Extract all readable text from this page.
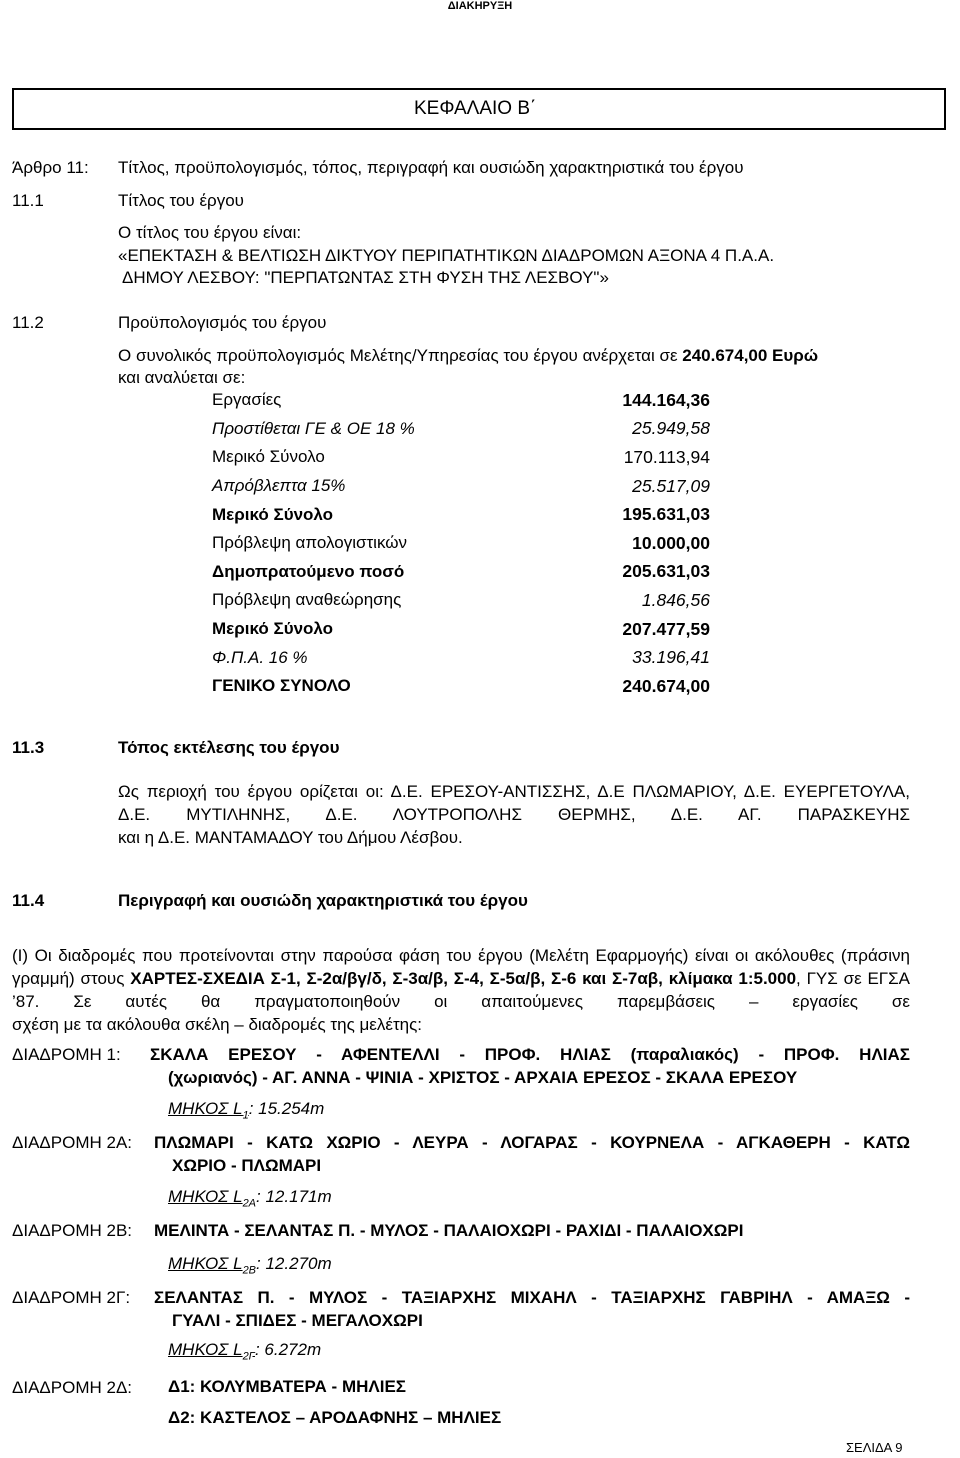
ΔΙΑΚΗΡΥΞΗ
ΚΕΦΑΛΑΙΟ Β΄
Άρθρο 11: Τίτλος, προϋπολογισμός, τόπος, περιγραφή και ουσιώδη χαρακτηριστικά του έργου
11.1	Τίτλος του έργου
Ο τίτλος του έργου είναι:
«ΕΠΕΚΤΑΣΗ & ΒΕΛΤΙΩΣΗ ΔΙΚΤΥΟΥ ΠΕΡΙΠΑΤΗΤΙΚΩΝ ΔΙΑΔΡΟΜΩΝ ΑΞΟΝΑ 4 Π.Α.Α.
ΔΗΜΟΥ ΛΕΣΒΟΥ: "ΠΕΡΠΑΤΩΝΤΑΣ ΣΤΗ ΦΥΣΗ ΤΗΣ ΛΕΣΒΟΥ"»
11.2	Προϋπολογισμός του έργου
Ο συνολικός προϋπολογισμός Μελέτης/Υπηρεσίας του έργου ανέρχεται σε 240.674,00 Ευρώ
και αναλύεται σε:
Εργασίες	144.164,36
Προστίθεται ΓΕ & ΟΕ 18 %	25.949,58
Μερικό Σύνολο	170.113,94
Απρόβλεπτα 15%	25.517,09
Μερικό Σύνολο	195.631,03
Πρόβλεψη απολογιστικών	10.000,00
Δημοπρατούμενο ποσό	205.631,03
Πρόβλεψη αναθεώρησης	1.846,56
Μερικό Σύνολο	207.477,59
Φ.Π.Α. 16 %	33.196,41
ΓΕΝΙΚΟ ΣΥΝΟΛΟ	240.674,00
11.3	Τόπος εκτέλεσης του έργου
Ως περιοχή του έργου ορίζεται οι: Δ.Ε. ΕΡΕΣΟΥ-ΑΝΤΙΣΣΗΣ, Δ.Ε ΠΛΩΜΑΡΙΟΥ, Δ.Ε. ΕΥΕΡΓΕΤΟΥΛΑ, Δ.Ε. ΜΥΤΙΛΗΝΗΣ, Δ.Ε. ΛΟΥΤΡΟΠΟΛΗΣ ΘΕΡΜΗΣ, Δ.Ε. ΑΓ. ΠΑΡΑΣΚΕΥΗΣ
και η Δ.Ε. ΜΑΝΤΑΜΑΔΟΥ του Δήμου Λέσβου.
11.4	Περιγραφή και ουσιώδη χαρακτηριστικά του έργου
(I) Οι διαδρομές που προτείνονται στην παρούσα φάση του έργου (Μελέτη Εφαρμογής) είναι οι ακόλουθες (πράσινη γραμμή) στους ΧΑΡΤΕΣ-ΣΧΕΔΙΑ Σ-1, Σ-2α/βγ/δ, Σ-3α/β, Σ-4, Σ-5α/β, Σ-6 και Σ-7αβ, κλίμακα 1:5.000, ΓΥΣ σε ΕΓΣΑ ’87. Σε αυτές θα πραγματοποιηθούν οι απαιτούμενες παρεμβάσεις – εργασίες σε
σχέση με τα ακόλουθα σκέλη – διαδρομές της μελέτης:
ΔΙΑΔΡΟΜΗ 1: ΣΚΑΛΑ ΕΡΕΣΟΥ - ΑΦΕΝΤΕΛΛΙ - ΠΡΟΦ. ΗΛΙΑΣ (παραλιακός) - ΠΡΟΦ. ΗΛΙΑΣ
(χωριανός) - ΑΓ. ΑΝΝΑ - ΨΙΝΙΑ - ΧΡΙΣΤΟΣ - ΑΡΧΑΙΑ ΕΡΕΣΟΣ - ΣΚΑΛΑ ΕΡΕΣΟΥ
ΜΗΚΟΣ $L_1$: 15.254m
ΔΙΑΔΡΟΜΗ 2Α: ΠΛΩΜΑΡΙ - ΚΑΤΩ ΧΩΡΙΟ - ΛΕΥΡΑ - ΛΟΓΑΡΑΣ - ΚΟΥΡΝΕΛΑ - ΑΓΚΑΘΕΡΗ - ΚΑΤΩ
ΧΩΡΙΟ - ΠΛΩΜΑΡΙ
ΜΗΚΟΣ $L_{2A}$: 12.171m
ΔΙΑΔΡΟΜΗ 2Β: ΜΕΛΙΝΤΑ - ΣΕΛΑΝΤΑΣ Π. - ΜΥΛΟΣ - ΠΑΛΑΙΟΧΩΡΙ - ΡΑΧΙΔΙ - ΠΑΛΑΙΟΧΩΡΙ
ΜΗΚΟΣ $L_{2B}$: 12.270m
ΔΙΑΔΡΟΜΗ 2Γ: ΣΕΛΑΝΤΑΣ Π. - ΜΥΛΟΣ - ΤΑΞΙΑΡΧΗΣ ΜΙΧΑΗΛ - ΤΑΞΙΑΡΧΗΣ ΓΑΒΡΙΗΛ - ΑΜΑΞΩ -
ΓΥΑΛΙ - ΣΠΙΔΕΣ - ΜΕΓΑΛΟΧΩΡΙ
ΜΗΚΟΣ $L_{2\Gamma}$: 6.272m
ΔΙΑΔΡΟΜΗ 2Δ: Δ1: ΚΟΛΥΜΒΑΤΕΡΑ - ΜΗΛΙΕΣ
Δ2: ΚΑΣΤΕΛΟΣ – ΑΡΟΔΑΦΝΗΣ – ΜΗΛΙΕΣ
ΣΕΛΙΔΑ 9
